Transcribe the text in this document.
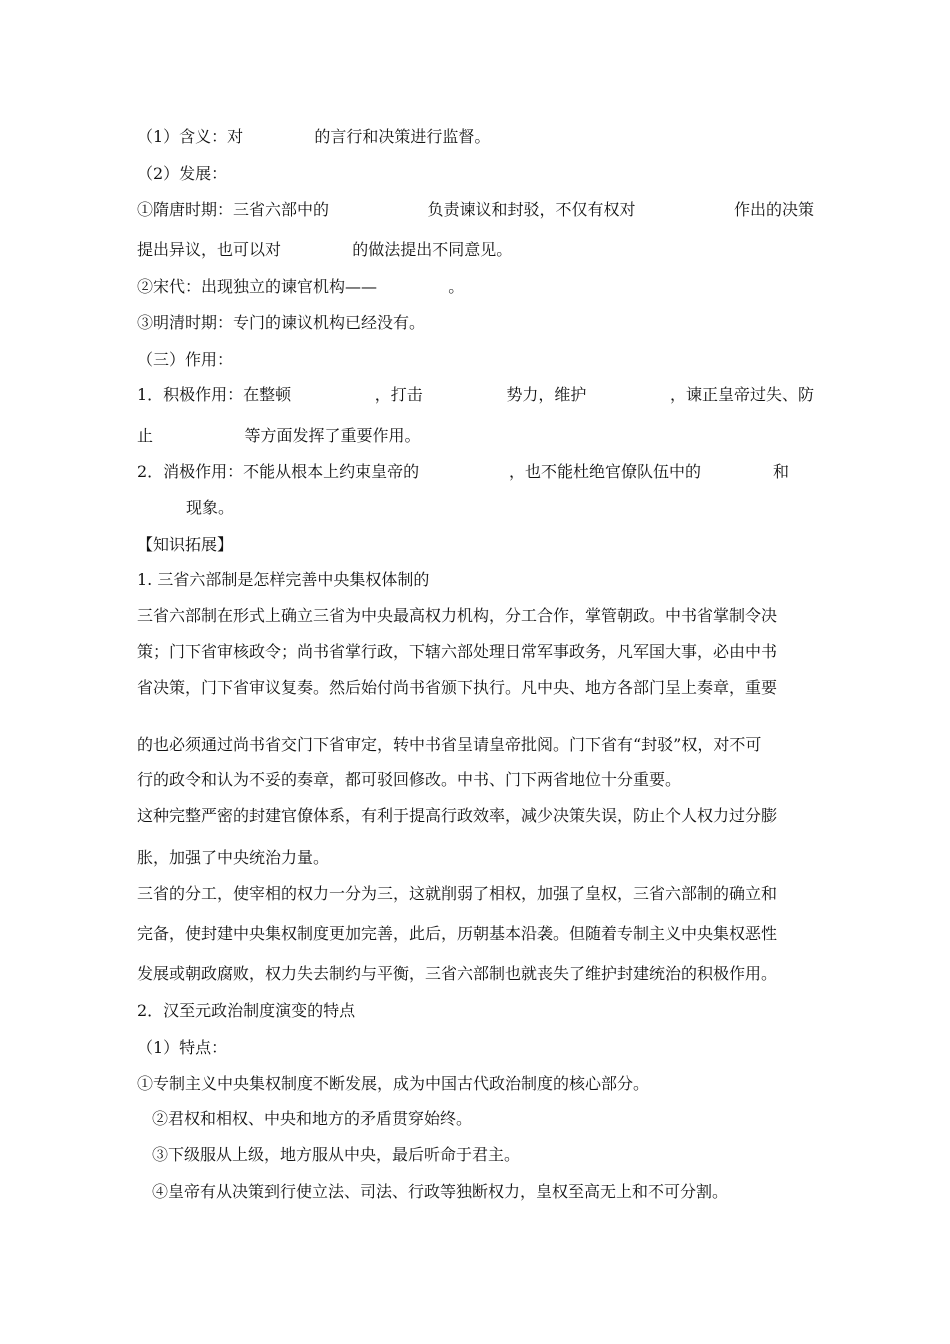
（1）含义：对              的言行和决策进行监督。
（2）发展：
①隋唐时期：三省六部中的	负责谏议和封驳，不仅有权对	作出的决策
提出异议，也可以对              的做法提出不同意见。
②宋代：出现独立的谏官机构——              。
③明清时期：专门的谏议机构已经没有。
（三）作用：
1．积极作用：在整顿	，打击	势力，维护	，谏正皇帝过失、防
止                  等方面发挥了重要作用。
2．消极作用：不能从根本上约束皇帝的	，也不能杜绝官僚队伍中的	和
现象。
【知识拓展】
1. 三省六部制是怎样完善中央集权体制的
三省六部制在形式上确立三省为中央最高权力机构，分工合作，掌管朝政。中书省掌制令决
策；门下省审核政令；尚书省掌行政，下辖六部处理日常军事政务，凡军国大事，必由中书
省决策，门下省审议复奏。然后始付尚书省颁下执行。凡中央、地方各部门呈上奏章，重要
的也必须通过尚书省交门下省审定，转中书省呈请皇帝批阅。门下省有“封驳”权，对不可
行的政令和认为不妥的奏章，都可驳回修改。中书、门下两省地位十分重要。
这种完整严密的封建官僚体系，有利于提高行政效率，减少决策失误，防止个人权力过分膨
胀，加强了中央统治力量。
三省的分工，使宰相的权力一分为三，这就削弱了相权，加强了皇权，三省六部制的确立和
完备，使封建中央集权制度更加完善，此后，历朝基本沿袭。但随着专制主义中央集权恶性
发展或朝政腐败，权力失去制约与平衡，三省六部制也就丧失了维护封建统治的积极作用。
2．汉至元政治制度演变的特点
（1）特点：
①专制主义中央集权制度不断发展，成为中国古代政治制度的核心部分。
②君权和相权、中央和地方的矛盾贯穿始终。
③下级服从上级，地方服从中央，最后听命于君主。
④皇帝有从决策到行使立法、司法、行政等独断权力，皇权至高无上和不可分割。
